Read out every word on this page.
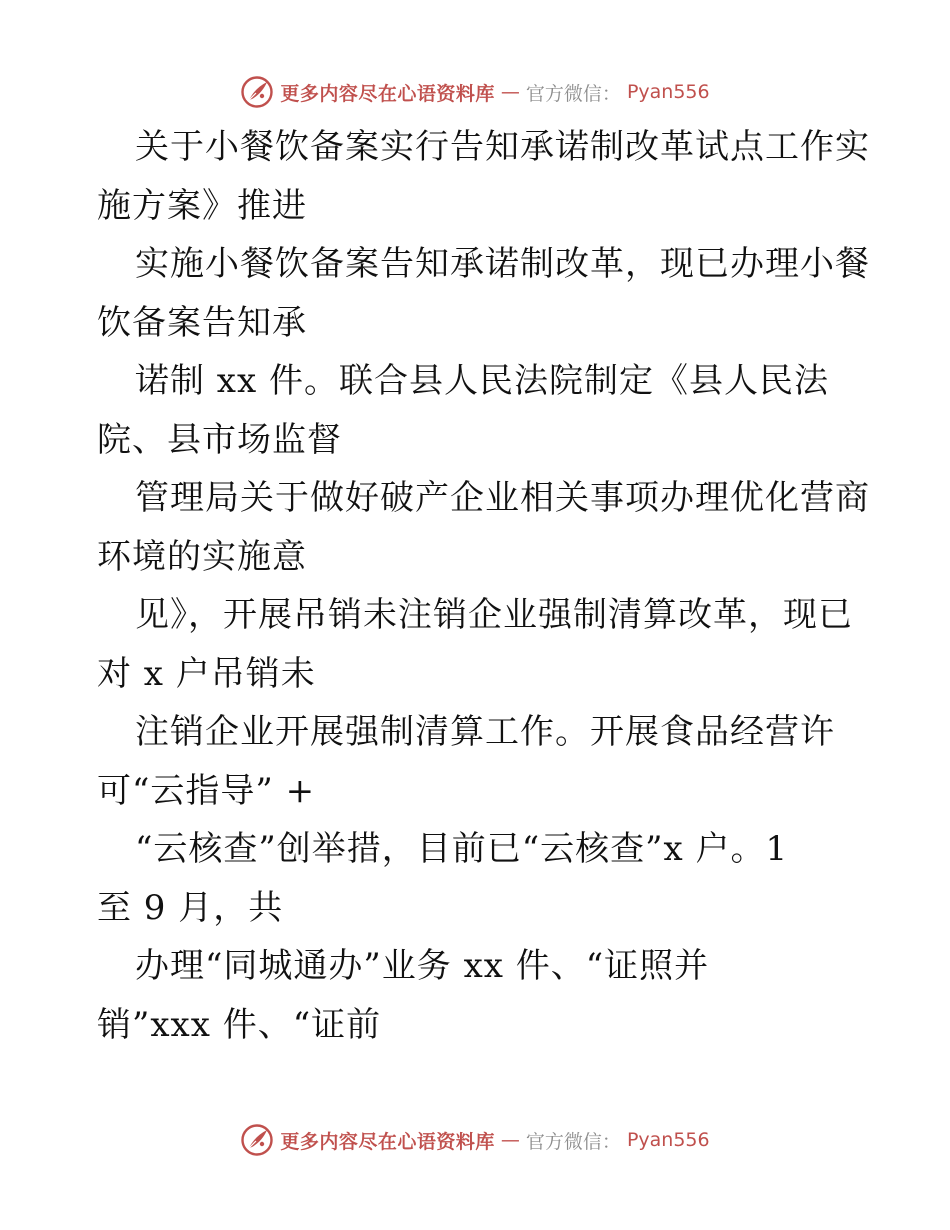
更多内容尽在心语资料库 — 官方微信： Pyan556
关于小餐饮备案实行告知承诺制改革试点工作实
施方案》推进
实施小餐饮备案告知承诺制改革，现已办理小餐
饮备案告知承
诺制 xx 件。联合县人民法院制定《县人民法
院、县市场监督
管理局关于做好破产企业相关事项办理优化营商
环境的实施意
见》，开展吊销未注销企业强制清算改革，现已
对 x 户吊销未
注销企业开展强制清算工作。开展食品经营许
可“云指导” +
“云核查”创举措，目前已“云核查”x 户。1
至 9 月，共
办理“同城通办”业务 xx 件、“证照并
销”xxx 件、“证前
更多内容尽在心语资料库 — 官方微信： Pyan556
